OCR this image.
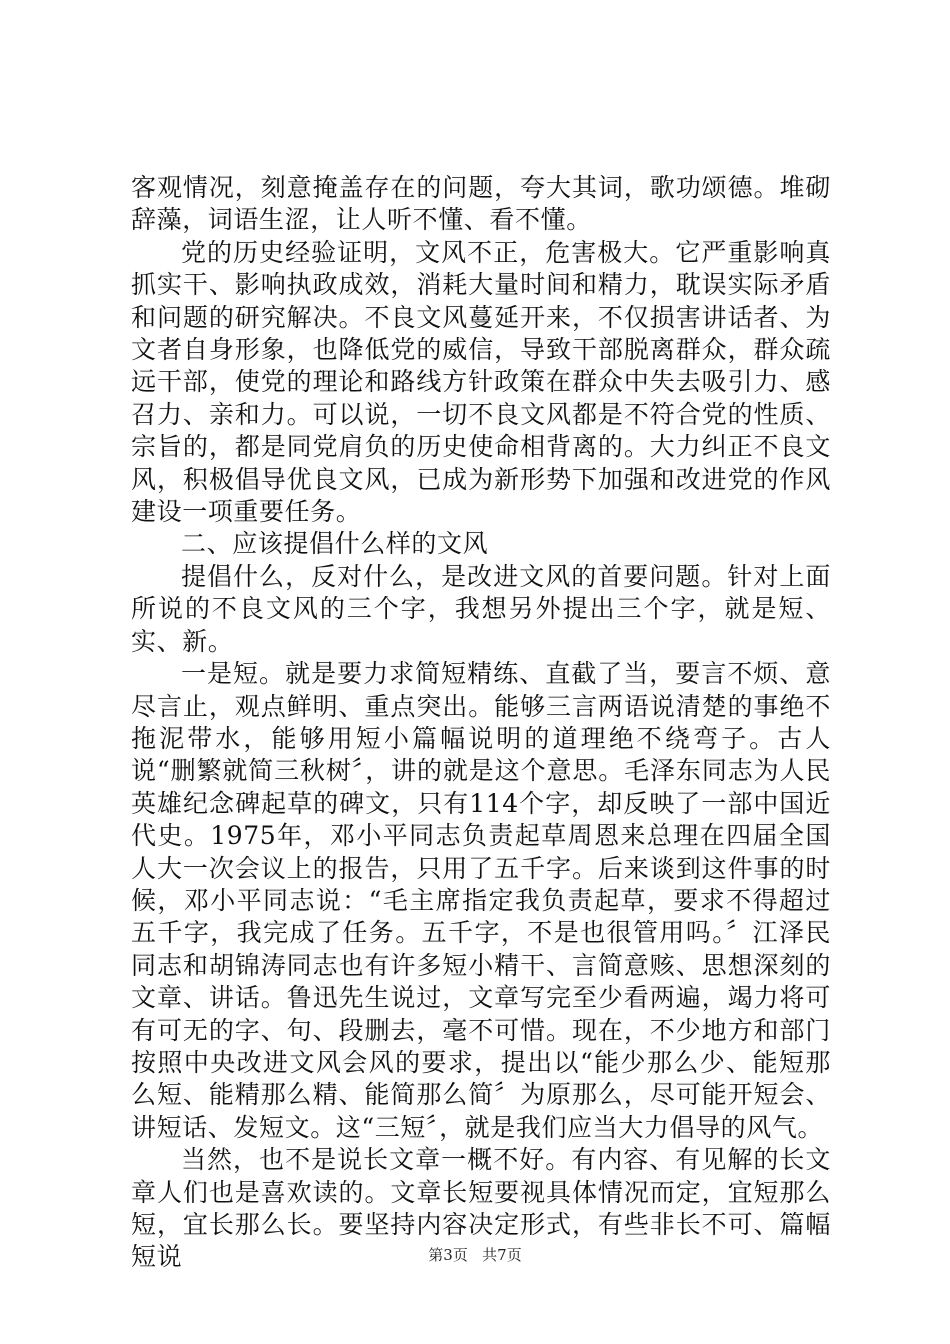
客观情况，刻意掩盖存在的问题，夸大其词，歌功颂德。堆砌辞藻，词语生涩，让人听不懂、看不懂。

党的历史经验证明，文风不正，危害极大。它严重影响真抓实干、影响执政成效，消耗大量时间和精力，耽误实际矛盾和问题的研究解决。不良文风蔓延开来，不仅损害讲话者、为文者自身形象，也降低党的威信，导致干部脱离群众，群众疏远干部，使党的理论和路线方针政策在群众中失去吸引力、感召力、亲和力。可以说，一切不良文风都是不符合党的性质、宗旨的，都是同党肩负的历史使命相背离的。大力纠正不良文风，积极倡导优良文风，已成为新形势下加强和改进党的作风建设一项重要任务。

二、应该提倡什么样的文风

提倡什么，反对什么，是改进文风的首要问题。针对上面所说的不良文风的三个字，我想另外提出三个字，就是短、实、新。

一是短。就是要力求简短精练、直截了当，要言不烦、意尽言止，观点鲜明、重点突出。能够三言两语说清楚的事绝不拖泥带水，能够用短小篇幅说明的道理绝不绕弯子。古人说“删繁就简三秋树〞，讲的就是这个意思。毛泽东同志为人民英雄纪念碑起草的碑文，只有114个字，却反映了一部中国近代史。1975年，邓小平同志负责起草周恩来总理在四届全国人大一次会议上的报告，只用了五千字。后来谈到这件事的时候，邓小平同志说：“毛主席指定我负责起草，要求不得超过五千字，我完成了任务。五千字，不是也很管用吗。〞江泽民同志和胡锦涛同志也有许多短小精干、言简意赅、思想深刻的文章、讲话。鲁迅先生说过，文章写完至少看两遍，竭力将可有可无的字、句、段删去，毫不可惜。现在，不少地方和部门按照中央改进文风会风的要求，提出以“能少那么少、能短那么短、能精那么精、能简那么简〞为原那么，尽可能开短会、讲短话、发短文。这“三短〞，就是我们应当大力倡导的风气。

当然，也不是说长文章一概不好。有内容、有见解的长文章人们也是喜欢读的。文章长短要视具体情况而定，宜短那么短，宜长那么长。要坚持内容决定形式，有些非长不可、篇幅短说	第3页 共7页
